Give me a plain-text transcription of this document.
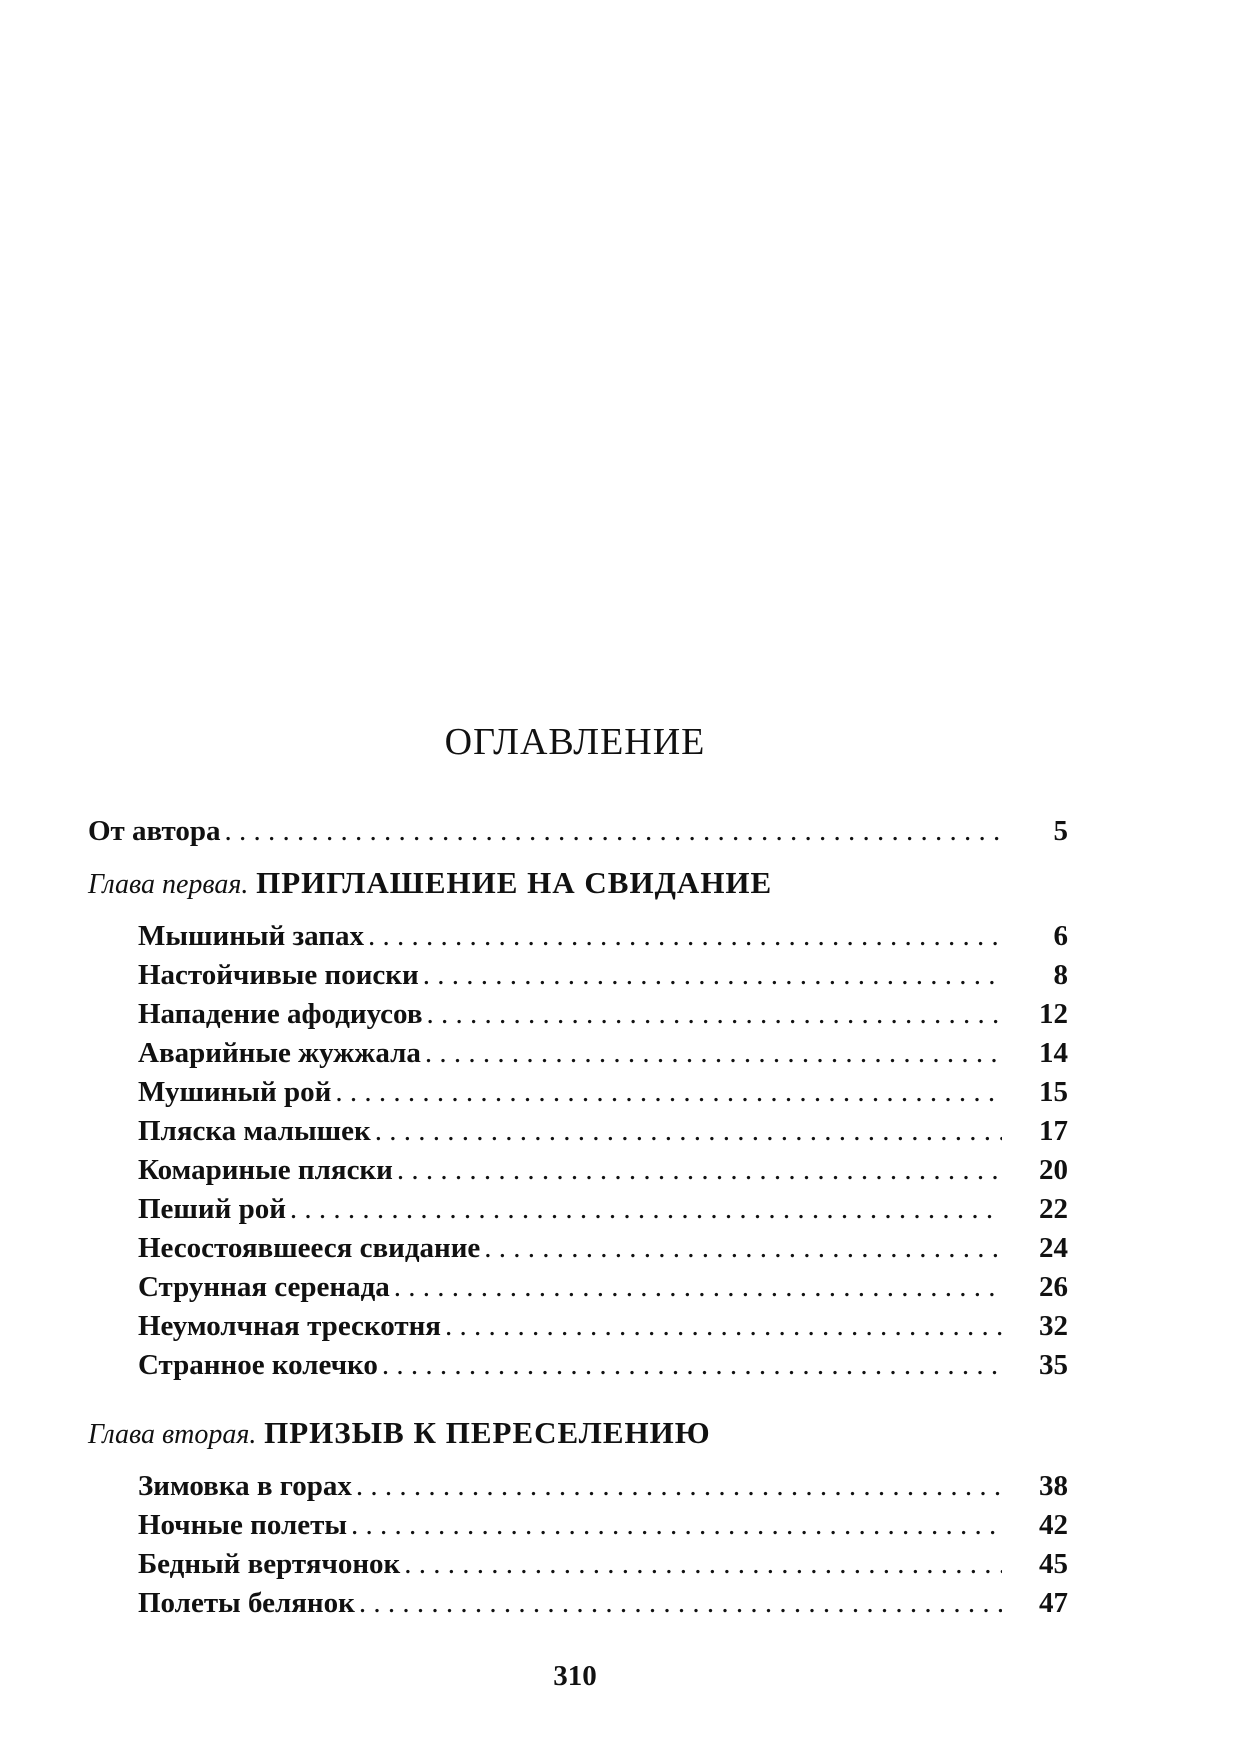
ОГЛАВЛЕНИЕ
От автора . . .	5
Глава первая. ПРИГЛАШЕНИЕ НА СВИДАНИЕ
Мышиный запах . . .	6
Настойчивые поиски . . .	8
Нападение афодиусов . . .	12
Аварийные жужжала . . .	14
Мушиный рой . . .	15
Пляска малышек . . .	17
Комариные пляски . . .	20
Пеший рой . . .	22
Несостоявшееся свидание . . .	24
Струнная серенада . . .	26
Неумолчная трескотня . . .	32
Странное колечко . . .	35
Глава вторая. ПРИЗЫВ К ПЕРЕСЕЛЕНИЮ
Зимовка в горах . . .	38
Ночные полеты . . .	42
Бедный вертячонок . . .	45
Полеты белянок . . .	47
310
